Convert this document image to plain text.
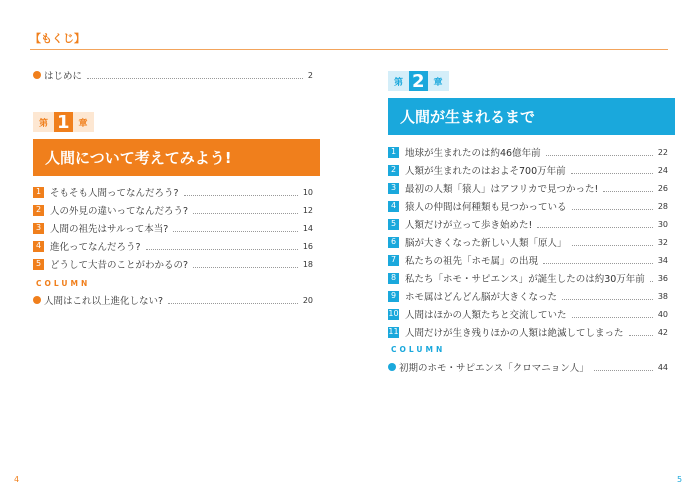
【もくじ】
はじめに	2
第 1	章
人間について考えてみよう!
1 そもそも人間ってなんだろう?	10
2 人の外見の違いってなんだろう?	12
3 人間の祖先はサルって本当?	14
4 進化ってなんだろう?	16
5 どうして大昔のことがわかるの?	18
COLUMN
人間はこれ以上進化しない?	20
第 2	章
人間が生まれるまで
1 地球が生まれたのは約46億年前	22
2 人類が生まれたのはおよそ700万年前	24
3 最初の人類「猿人」はアフリカで見つかった!	26
4 猿人の仲間は何種類も見つかっている	28
5 人類だけが立って歩き始めた!	30
6 脳が大きくなった新しい人類「原人」	32
7 私たちの祖先「ホモ属」の出現	34
8 私たち「ホモ・サピエンス」が誕生したのは約30万年前 36
9 ホモ属はどんどん脳が大きくなった	38
10 人間はほかの人類たちと交流していた	40
11 人間だけが生き残りほかの人類は絶滅してしまった	42
COLUMN
初期のホモ・サピエンス「クロマニョン人」	44
4	5
